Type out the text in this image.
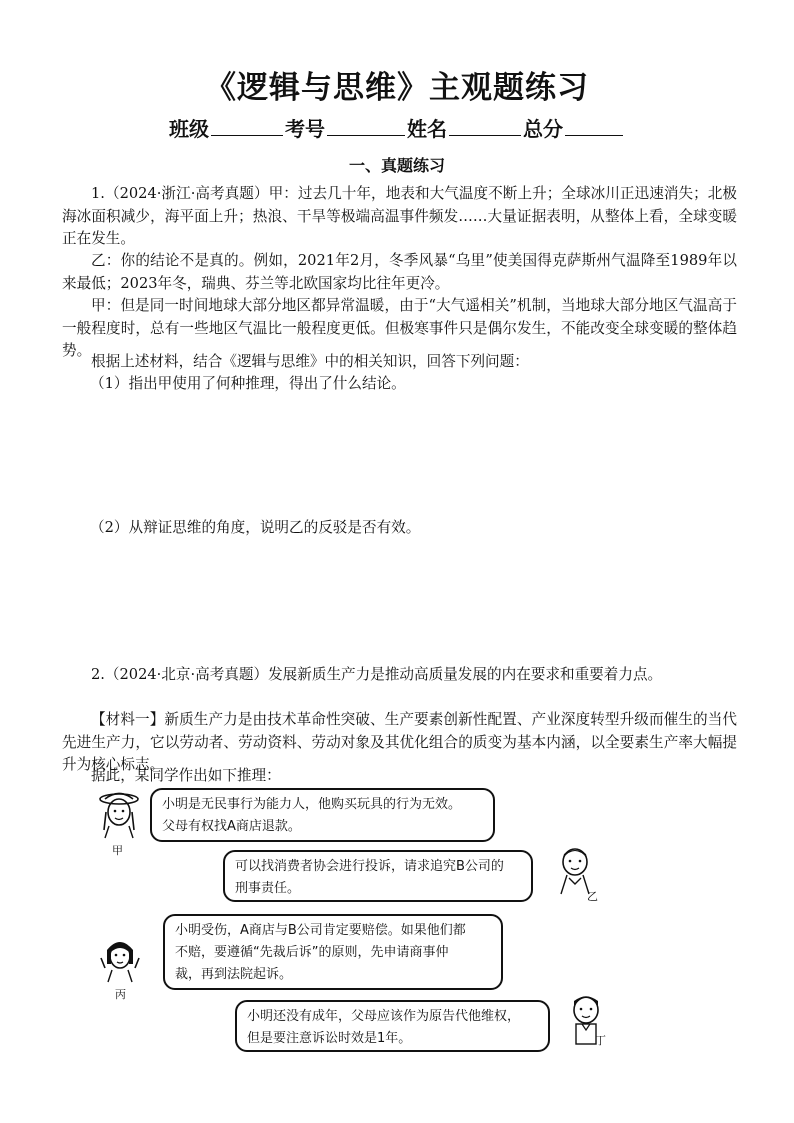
《逻辑与思维》主观题练习
班级	考号	姓名	总分
一、真题练习

1.（2024·浙江·高考真题）甲：过去几十年，地表和大气温度不断上升；全球冰川正迅速消失；北极海冰面积减少，海平面上升；热浪、干旱等极端高温事件频发……大量证据表明，从整体上看，全球变暖正在发生。

乙：你的结论不是真的。例如，2021年2月，冬季风暴“乌里”使美国得克萨斯州气温降至1989年以来最低；2023年冬，瑞典、芬兰等北欧国家均比往年更冷。

甲：但是同一时间地球大部分地区都异常温暖，由于“大气遥相关”机制，当地球大部分地区气温高于一般程度时，总有一些地区气温比一般程度更低。但极寒事件只是偶尔发生，不能改变全球变暖的整体趋势。

根据上述材料，结合《逻辑与思维》中的相关知识，回答下列问题：

（1）指出甲使用了何种推理，得出了什么结论。
（2）从辩证思维的角度，说明乙的反驳是否有效。

2.（2024·北京·高考真题）发展新质生产力是推动高质量发展的内在要求和重要着力点。

【材料一】新质生产力是由技术革命性突破、生产要素创新性配置、产业深度转型升级而催生的当代先进生产力，它以劳动者、劳动资料、劳动对象及其优化组合的质变为基本内涵，以全要素生产率大幅提升为核心标志。

据此，某同学作出如下推理：

甲
小明是无民事行为能力人，他购买玩具的行为无效。
父母有权找A商店退款。
可以找消费者协会进行投诉，请求追究B公司的
刑事责任。
乙
丙
小明受伤，A商店与B公司肯定要赔偿。如果他们都
不赔，要遵循“先裁后诉”的原则，先申请商事仲
裁，再到法院起诉。
小明还没有成年，父母应该作为原告代他维权，
但是要注意诉讼时效是1年。	丁
